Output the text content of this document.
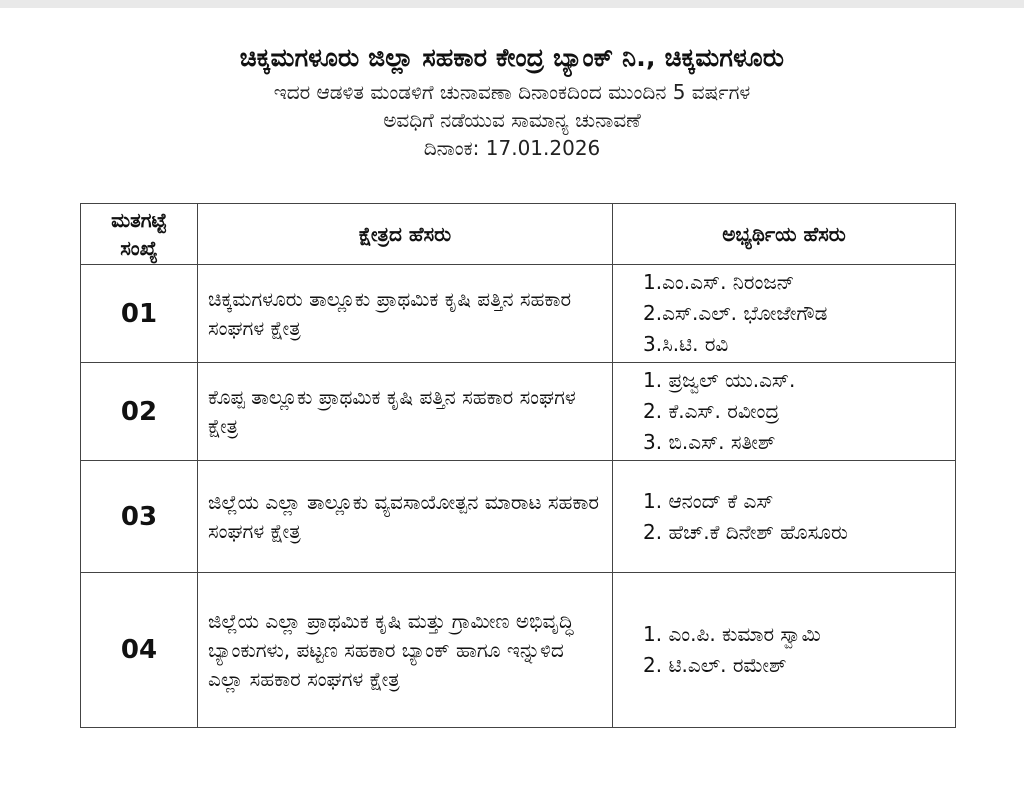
ಚಿಕ್ಕಮಗಳೂರು ಜಿಲ್ಲಾ ಸಹಕಾರ ಕೇಂದ್ರ ಬ್ಯಾಂಕ್ ನಿ., ಚಿಕ್ಕಮಗಳೂರು
ಇದರ ಆಡಳಿತ ಮಂಡಳಿಗೆ ಚುನಾವಣಾ ದಿನಾಂಕದಿಂದ ಮುಂದಿನ 5 ವರ್ಷಗಳ
ಅವಧಿಗೆ ನಡೆಯುವ ಸಾಮಾನ್ಯ ಚುನಾವಣೆ
ದಿನಾಂಕ: 17.01.2026
ಮತಗಟ್ಟೆ
ಸಂಖ್ಯೆ	ಕ್ಷೇತ್ರದ ಹೆಸರು	ಅಭ್ಯರ್ಥಿಯ ಹೆಸರು
01	ಚಿಕ್ಕಮಗಳೂರು ತಾಲ್ಲೂಕು ಪ್ರಾಥಮಿಕ ಕೃಷಿ ಪತ್ತಿನ ಸಹಕಾರ ಸಂಘಗಳ ಕ್ಷೇತ್ರ	1.ಎಂ.ಎಸ್. ನಿರಂಜನ್
2.ಎಸ್.ಎಲ್. ಭೋಜೇಗೌಡ
3.ಸಿ.ಟಿ. ರವಿ

02	ಕೊಪ್ಪ ತಾಲ್ಲೂಕು ಪ್ರಾಥಮಿಕ ಕೃಷಿ ಪತ್ತಿನ ಸಹಕಾರ ಸಂಘಗಳ ಕ್ಷೇತ್ರ	1. ಪ್ರಜ್ವಲ್ ಯು.ಎಸ್.
2. ಕೆ.ಎಸ್. ರವೀಂದ್ರ
3. ಬಿ.ಎಸ್. ಸತೀಶ್

03	ಜಿಲ್ಲೆಯ ಎಲ್ಲಾ ತಾಲ್ಲೂಕು ವ್ಯವಸಾಯೋತ್ಪನ ಮಾರಾಟ ಸಹಕಾರ ಸಂಘಗಳ ಕ್ಷೇತ್ರ	1. ಆನಂದ್ ಕೆ ಎಸ್
2. ಹೆಚ್.ಕೆ ದಿನೇಶ್ ಹೊಸೂರು

04	ಜಿಲ್ಲೆಯ ಎಲ್ಲಾ ಪ್ರಾಥಮಿಕ ಕೃಷಿ ಮತ್ತು ಗ್ರಾಮೀಣ ಅಭಿವೃದ್ಧಿ ಬ್ಯಾಂಕುಗಳು, ಪಟ್ಟಣ ಸಹಕಾರ ಬ್ಯಾಂಕ್ ಹಾಗೂ ಇನ್ನುಳಿದ ಎಲ್ಲಾ ಸಹಕಾರ ಸಂಘಗಳ ಕ್ಷೇತ್ರ	1. ಎಂ.ಪಿ. ಕುಮಾರ ಸ್ವಾಮಿ
2. ಟಿ.ಎಲ್. ರಮೇಶ್
